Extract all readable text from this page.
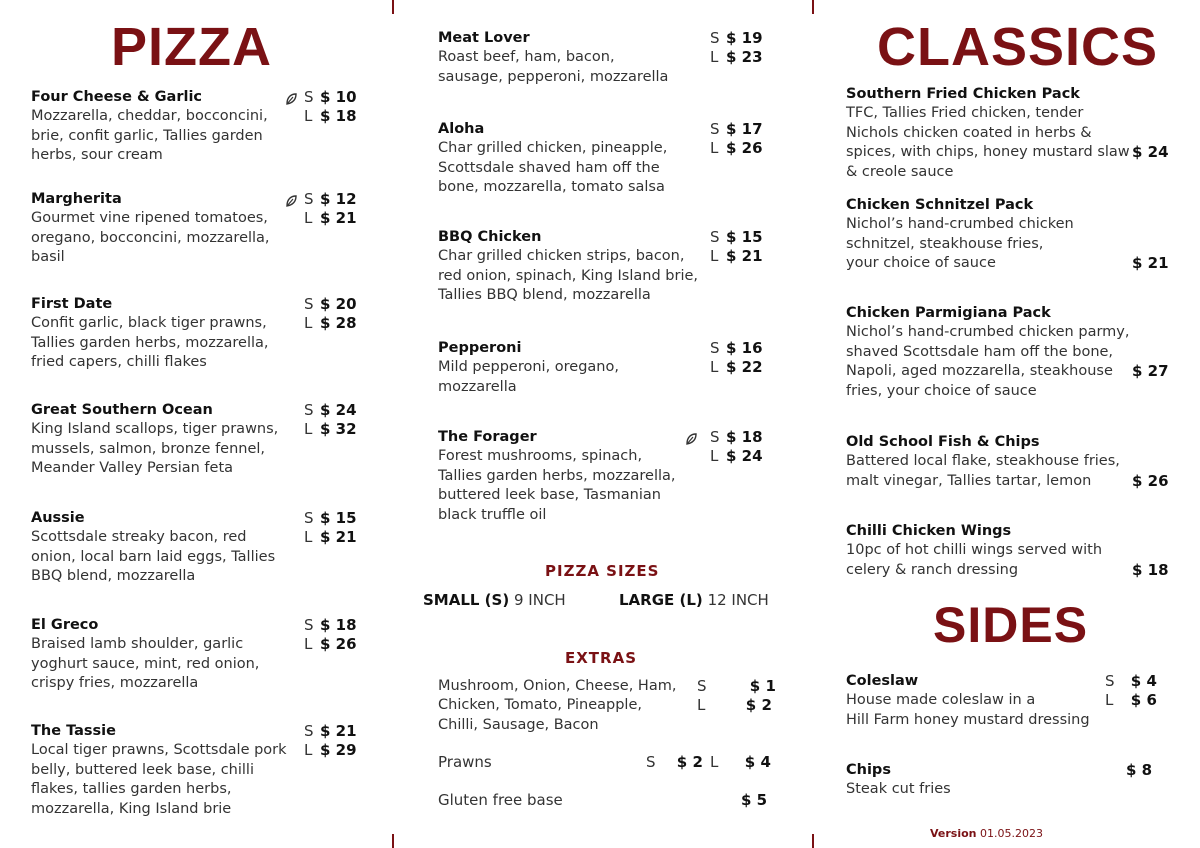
PIZZA
Four Cheese & Garlic
Mozzarella, cheddar, bocconcini,
brie, confit garlic, Tallies garden
herbs, sour cream
S $ 10
L $ 18
Margherita
Gourmet vine ripened tomatoes,
oregano, bocconcini, mozzarella,
basil
S $ 12
L $ 21
First Date
Confit garlic, black tiger prawns,
Tallies garden herbs, mozzarella,
fried capers, chilli flakes
S $ 20
L $ 28
Great Southern Ocean
King Island scallops, tiger prawns,
mussels, salmon, bronze fennel,
Meander Valley Persian feta
S $ 24
L $ 32
Aussie
Scottsdale streaky bacon, red
onion, local barn laid eggs, Tallies
BBQ blend, mozzarella
S $ 15
L $ 21
El Greco
Braised lamb shoulder, garlic
yoghurt sauce, mint, red onion,
crispy fries, mozzarella
S $ 18
L $ 26
The Tassie
Local tiger prawns, Scottsdale pork
belly, buttered leek base, chilli
flakes, tallies garden herbs,
mozzarella, King Island brie
S $ 21
L $ 29
Meat Lover
Roast beef, ham, bacon,
sausage, pepperoni, mozzarella
S $ 19
L $ 23
Aloha
Char grilled chicken, pineapple,
Scottsdale shaved ham off the
bone, mozzarella, tomato salsa
S $ 17
L $ 26
BBQ Chicken
Char grilled chicken strips, bacon,
red onion, spinach, King Island brie,
Tallies BBQ blend, mozzarella
S $ 15
L $ 21
Pepperoni
Mild pepperoni, oregano,
mozzarella
S $ 16
L $ 22
The Forager
Forest mushrooms, spinach,
Tallies garden herbs, mozzarella,
buttered leek base, Tasmanian
black truffle oil
S $ 18
L $ 24
PIZZA SIZES
SMALL (S) 9 INCH	LARGE (L) 12 INCH
EXTRAS
Mushroom, Onion, Cheese, Ham,
Chicken, Tomato, Pineapple,
Chilli, Sausage, Bacon
S	$ 1
L	$ 2
Prawns	S $ 2 L $ 4
Gluten free base	$ 5
CLASSICS
Southern Fried Chicken Pack
TFC, Tallies Fried chicken, tender
Nichols chicken coated in herbs &
spices, with chips, honey mustard slaw
& creole sauce
$ 24
Chicken Schnitzel Pack
Nichol’s hand-crumbed chicken
schnitzel, steakhouse fries,
your choice of sauce	$ 21
Chicken Parmigiana Pack
Nichol’s hand-crumbed chicken parmy,
shaved Scottsdale ham off the bone,
Napoli, aged mozzarella, steakhouse
fries, your choice of sauce
$ 27
Old School Fish & Chips
Battered local flake, steakhouse fries,
malt vinegar, Tallies tartar, lemon	$ 26
Chilli Chicken Wings
10pc of hot chilli wings served with
celery & ranch dressing	$ 18
SIDES
Coleslaw
House made coleslaw in a
Hill Farm honey mustard dressing
S $ 4
L $ 6
Chips
Steak cut fries
$ 8
Version 01.05.2023
